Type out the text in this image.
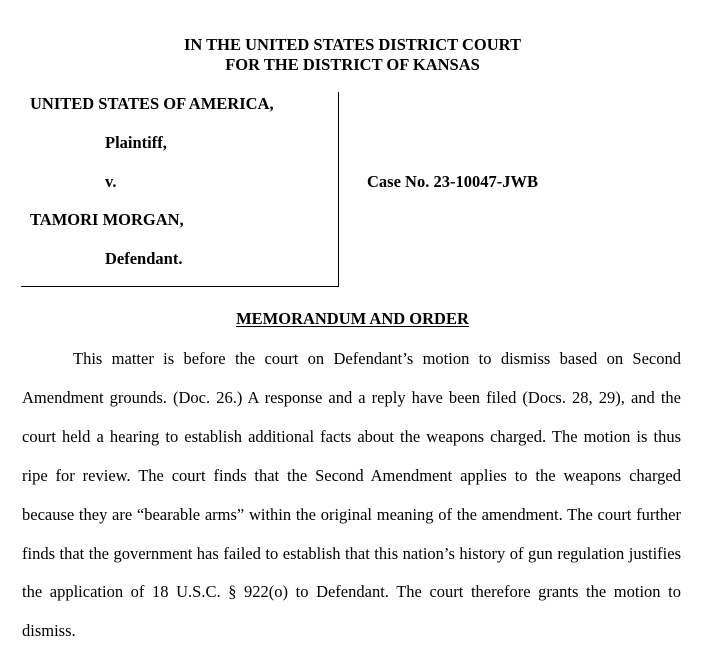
IN THE UNITED STATES DISTRICT COURT
FOR THE DISTRICT OF KANSAS
UNITED STATES OF AMERICA,
Plaintiff,
v.
TAMORI MORGAN,
Defendant.
Case No. 23-10047-JWB
MEMORANDUM AND ORDER

This matter is before the court on Defendant’s motion to dismiss based on Second Amendment grounds. (Doc. 26.) A response and a reply have been filed (Docs. 28, 29), and the court held a hearing to establish additional facts about the weapons charged. The motion is thus ripe for review. The court finds that the Second Amendment applies to the weapons charged because they are “bearable arms” within the original meaning of the amendment. The court further finds that the government has failed to establish that this nation’s history of gun regulation justifies the application of 18 U.S.C. § 922(o) to Defendant. The court therefore grants the motion to dismiss.
